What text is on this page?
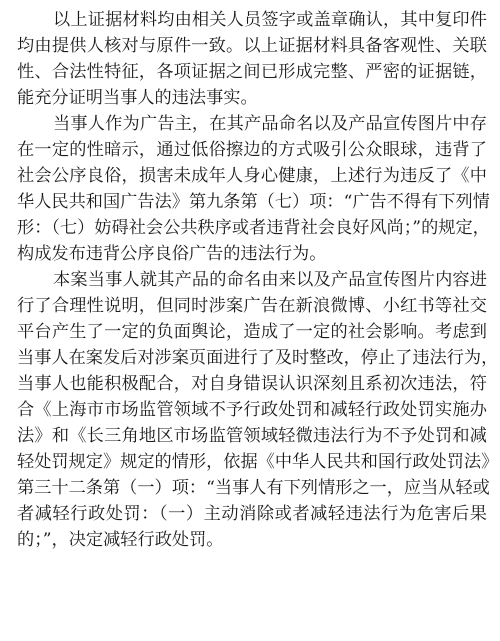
以上证据材料均由相关人员签字或盖章确认，其中复印件
均由提供人核对与原件一致。以上证据材料具备客观性、关联
性、合法性特征，各项证据之间已形成完整、严密的证据链，
能充分证明当事人的违法事实。
当事人作为广告主，在其产品命名以及产品宣传图片中存
在一定的性暗示，通过低俗擦边的方式吸引公众眼球，违背了
社会公序良俗，损害未成年人身心健康，上述行为违反了《中
华人民共和国广告法》第九条第（七）项：“广告不得有下列情
形：（七）妨碍社会公共秩序或者违背社会良好风尚；”的规定，
构成发布违背公序良俗广告的违法行为。
本案当事人就其产品的命名由来以及产品宣传图片内容进
行了合理性说明，但同时涉案广告在新浪微博、小红书等社交
平台产生了一定的负面舆论，造成了一定的社会影响。考虑到
当事人在案发后对涉案页面进行了及时整改，停止了违法行为，
当事人也能积极配合，对自身错误认识深刻且系初次违法，符
合《上海市市场监管领域不予行政处罚和减轻行政处罚实施办
法》和《长三角地区市场监管领域轻微违法行为不予处罚和减
轻处罚规定》规定的情形，依据《中华人民共和国行政处罚法》
第三十二条第（一）项：“当事人有下列情形之一，应当从轻或
者减轻行政处罚：（一）主动消除或者减轻违法行为危害后果
的；”，决定减轻行政处罚。
